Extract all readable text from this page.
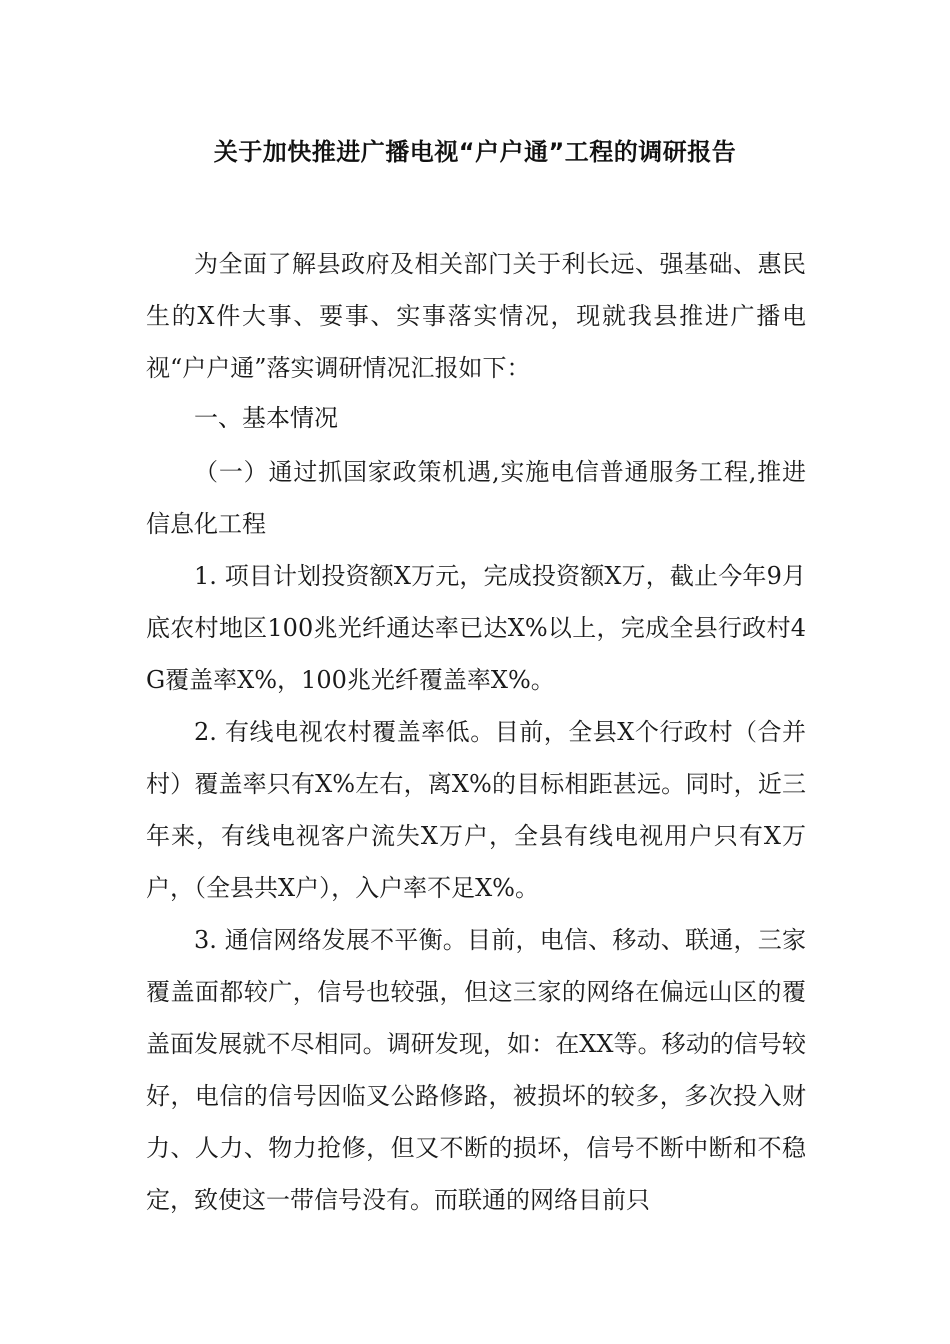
关于加快推进广播电视“户户通”工程的调研报告

为全面了解县政府及相关部门关于利长远、强基础、惠民生的X件大事、要事、实事落实情况，现就我县推进广播电视“户户通”落实调研情况汇报如下：

一、基本情况

（一）通过抓国家政策机遇,实施电信普通服务工程,推进信息化工程

1. 项目计划投资额X万元，完成投资额X万，截止今年9月底农村地区100兆光纤通达率已达X%以上，完成全县行政村4G覆盖率X%，100兆光纤覆盖率X%。

2. 有线电视农村覆盖率低。目前，全县X个行政村（合并村）覆盖率只有X%左右，离X%的目标相距甚远。同时，近三年来，有线电视客户流失X万户，全县有线电视用户只有X万户，（全县共X户），入户率不足X%。

3. 通信网络发展不平衡。目前，电信、移动、联通，三家覆盖面都较广，信号也较强，但这三家的网络在偏远山区的覆盖面发展就不尽相同。调研发现，如：在XX等。移动的信号较好，电信的信号因临叉公路修路，被损坏的较多，多次投入财力、人力、物力抢修，但又不断的损坏，信号不断中断和不稳定，致使这一带信号没有。而联通的网络目前只
